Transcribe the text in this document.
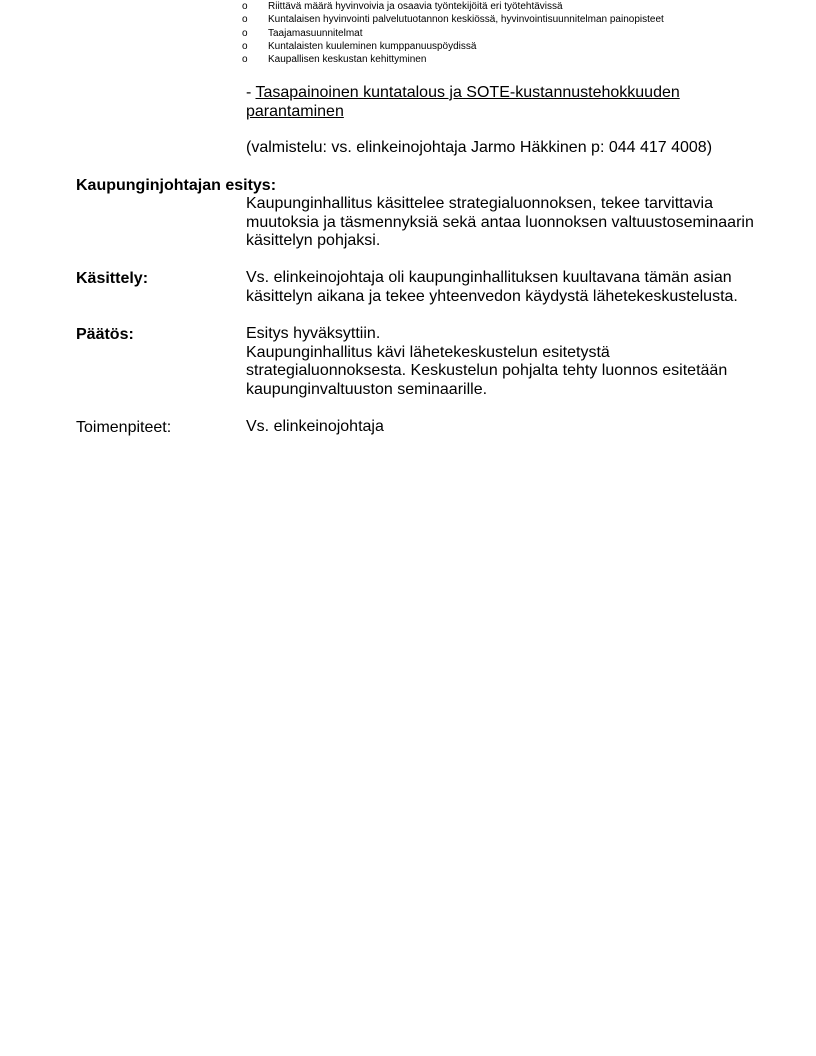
o Riittävä määrä hyvinvoivia ja osaavia työntekijöitä eri työtehtävissä
o Kuntalaisen hyvinvointi palvelutuotannon keskiössä, hyvinvointisuunnitelman painopisteet
o Taajamasuunnitelmat
o Kuntalaisten kuuleminen kumppanuuspöydissä
o Kaupallisen keskustan kehittyminen
- Tasapainoinen kuntatalous ja SOTE-kustannustehokkuuden parantaminen
(valmistelu: vs. elinkeinojohtaja Jarmo Häkkinen p: 044 417 4008)
Kaupunginjohtajan esitys:

Kaupunginhallitus käsittelee strategialuonnoksen, tekee tarvittavia muutoksia ja täsmennyksiä sekä antaa luonnoksen valtuustoseminaarin käsittelyn pohjaksi.

Käsittely:	Vs. elinkeinojohtaja oli kaupunginhallituksen kuultavana tämän asian käsittelyn aikana ja tekee yhteenvedon käydystä lähetekeskustelusta.

Päätös:	Esitys hyväksyttiin.

Kaupunginhallitus kävi lähetekeskustelun esitetystä strategialuonnoksesta. Keskustelun pohjalta tehty luonnos esitetään kaupunginvaltuuston seminaarille.

Toimenpiteet:	Vs. elinkeinojohtaja
